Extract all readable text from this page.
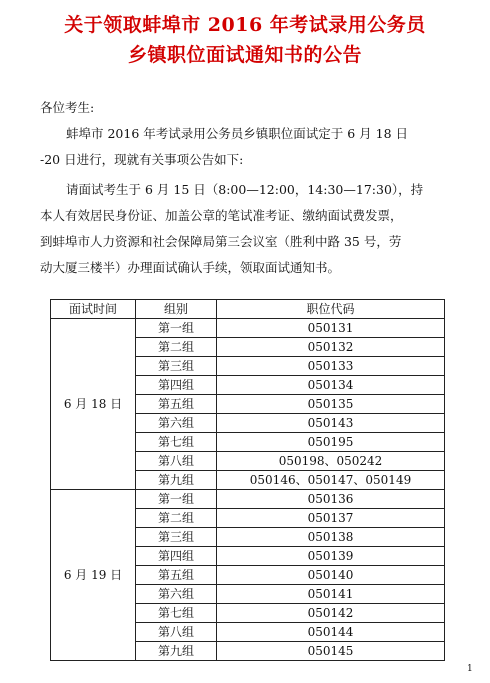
关于领取蚌埠市 2016 年考试录用公务员
乡镇职位面试通知书的公告
各位考生:
蚌埠市 2016 年考试录用公务员乡镇职位面试定于 6 月 18 日
-20 日进行，现就有关事项公告如下:
请面试考生于 6 月 15 日（8:00—12:00，14:30—17:30），持
本人有效居民身份证、加盖公章的笔试准考证、缴纳面试费发票，
到蚌埠市人力资源和社会保障局第三会议室（胜利中路 35 号，劳
动大厦三楼半）办理面试确认手续，领取面试通知书。
面试时间	组别	职位代码
6 月 18 日	第一组	050131
	第二组	050132
	第三组	050133
	第四组	050134
	第五组	050135
	第六组	050143
	第七组	050195
	第八组	050198、050242
	第九组	050146、050147、050149
6 月 19 日	第一组	050136
	第二组	050137
	第三组	050138
	第四组	050139
	第五组	050140
	第六组	050141
	第七组	050142
	第八组	050144
	第九组	050145
1
